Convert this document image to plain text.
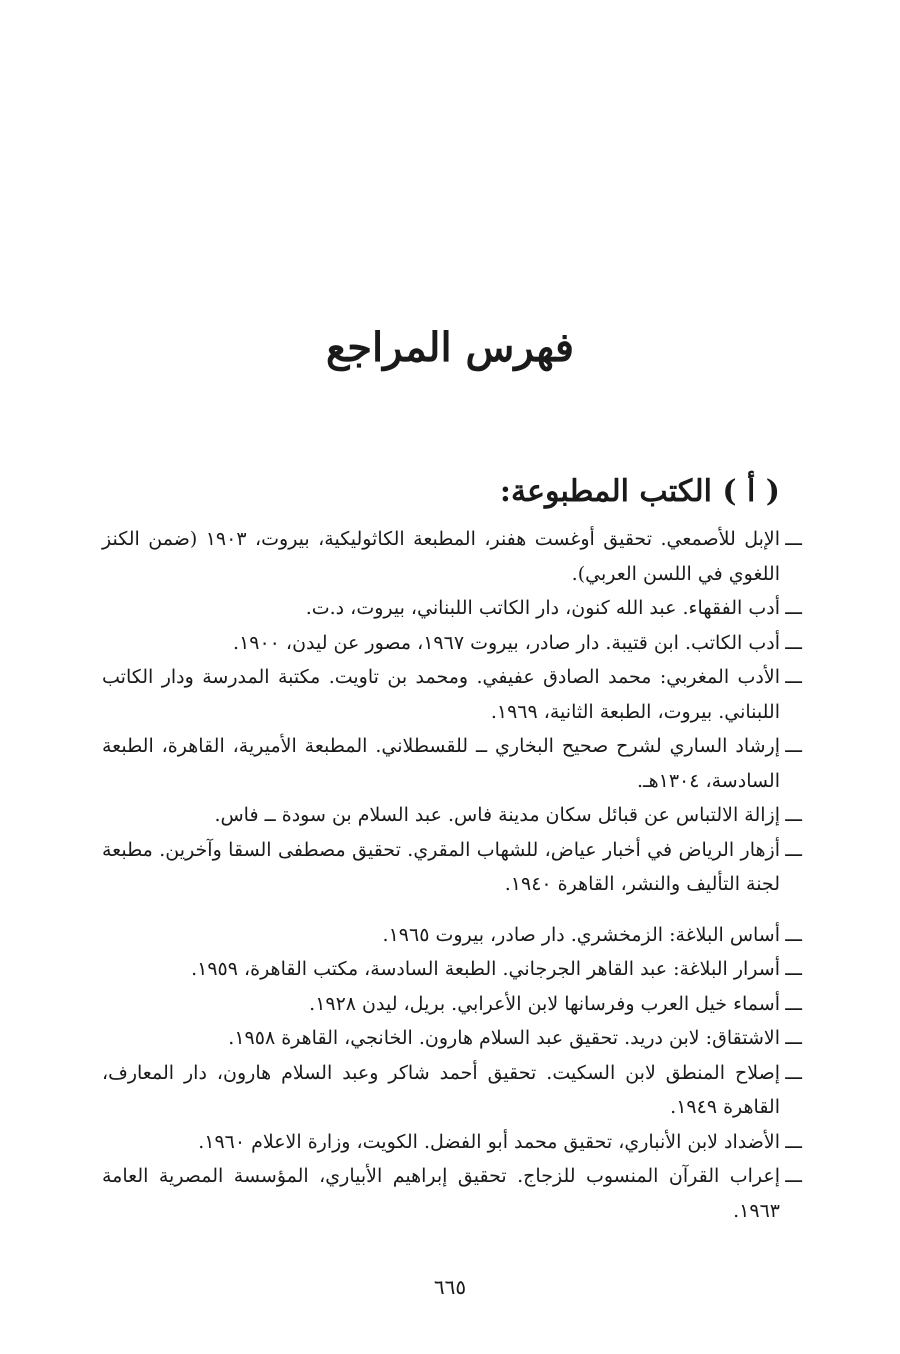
فهرس المراجع
( أ ) الكتب المطبوعة:
ـــ
الإبل للأصمعي. تحقيق أوغست هفنر، المطبعة الكاثوليكية، بيروت، ١٩٠٣ (ضمن الكنز اللغوي في اللسن العربي).
ـــ
أدب الفقهاء. عبد الله كنون، دار الكاتب اللبناني، بيروت، د.ت.
ـــ
أدب الكاتب. ابن قتيبة. دار صادر، بيروت ١٩٦٧، مصور عن ليدن، ١٩٠٠.
ـــ
الأدب المغربي: محمد الصادق عفيفي. ومحمد بن تاويت. مكتبة المدرسة ودار الكاتب اللبناني. بيروت، الطبعة الثانية، ١٩٦٩.
ـــ
إرشاد الساري لشرح صحيح البخاري ــ للقسطلاني. المطبعة الأميرية، القاهرة، الطبعة السادسة، ١٣٠٤هـ.
ـــ
إزالة الالتباس عن قبائل سكان مدينة فاس. عبد السلام بن سودة ــ فاس.
ـــ
أزهار الرياض في أخبار عياض، للشهاب المقري. تحقيق مصطفى السقا وآخرين. مطبعة لجنة التأليف والنشر، القاهرة ١٩٤٠.
ـــ
أساس البلاغة: الزمخشري. دار صادر، بيروت ١٩٦٥.
ـــ
أسرار البلاغة: عبد القاهر الجرجاني. الطبعة السادسة، مكتب القاهرة، ١٩٥٩.
ـــ
أسماء خيل العرب وفرسانها لابن الأعرابي. بريل، ليدن ١٩٢٨.
ـــ
الاشتقاق: لابن دريد. تحقيق عبد السلام هارون. الخانجي، القاهرة ١٩٥٨.
ـــ
إصلاح المنطق لابن السكيت. تحقيق أحمد شاكر وعبد السلام هارون، دار المعارف، القاهرة ١٩٤٩.
ـــ
الأضداد لابن الأنباري، تحقيق محمد أبو الفضل. الكويت، وزارة الاعلام ١٩٦٠.
ـــ
إعراب القرآن المنسوب للزجاج. تحقيق إبراهيم الأبياري، المؤسسة المصرية العامة ١٩٦٣.
٦٦٥
